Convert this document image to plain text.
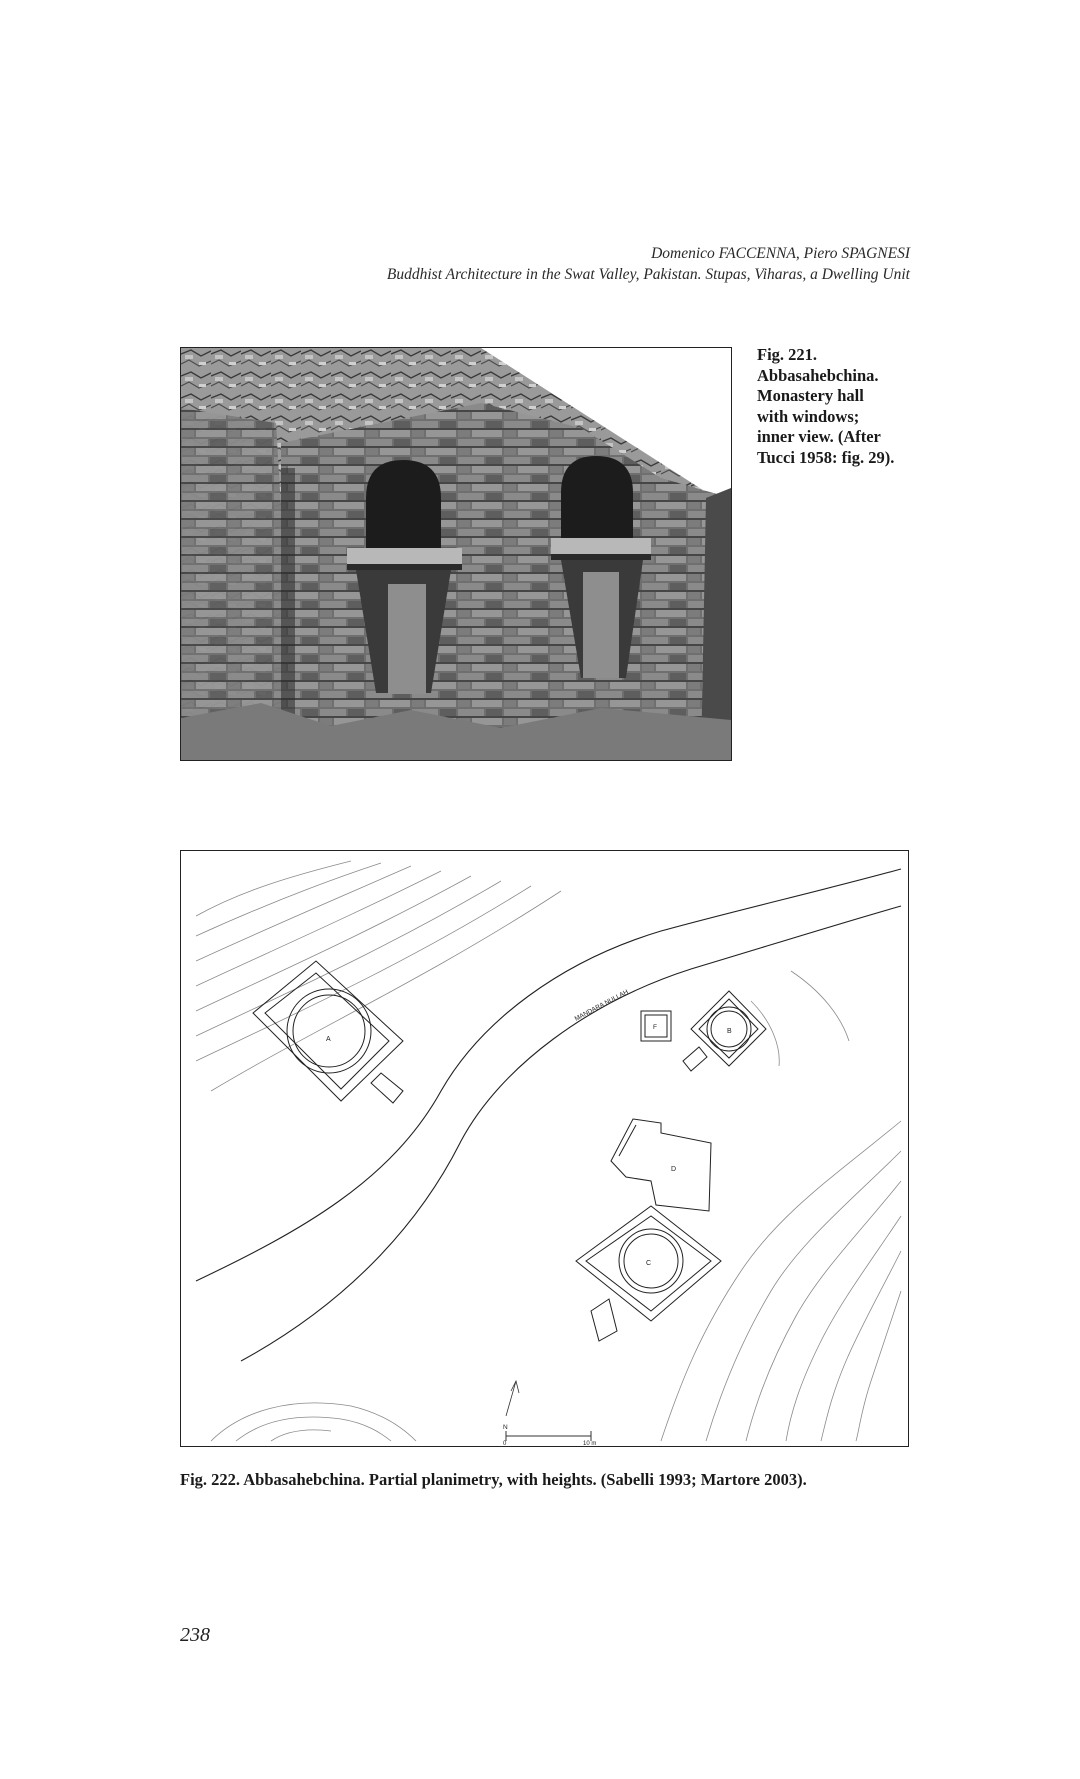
Domenico FACCENNA, Piero SPAGNESI
Buddhist Architecture in the Swat Valley, Pakistan. Stupas, Viharas, a Dwelling Unit
Fig. 221.
Abbasahebchina.
Monastery hall
with windows;
inner view. (After
Tucci 1958: fig. 29).
MANDARA NULLAH
A
B
F
D
C
N
0	10 m
Fig. 222. Abbasahebchina. Partial planimetry, with heights. (Sabelli 1993; Martore 2003).
238
